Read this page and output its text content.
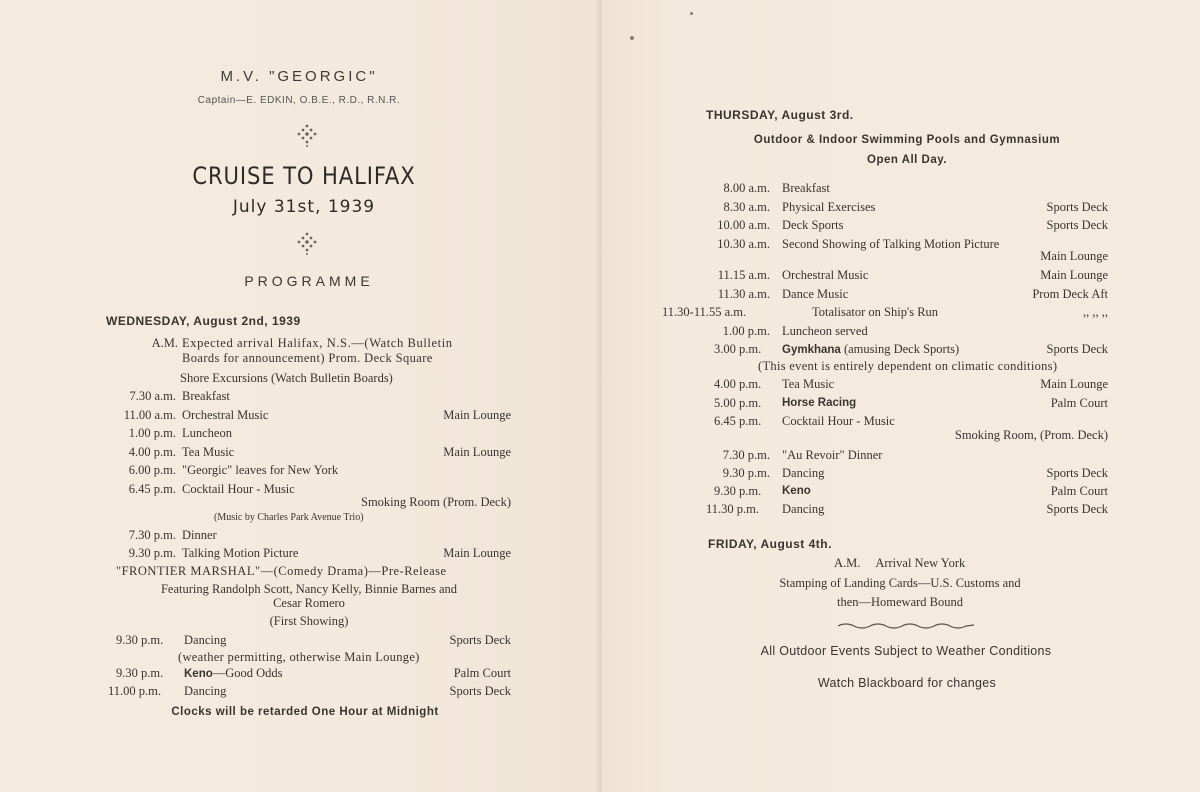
M.V. "GEORGIC"
Captain—E. EDKIN, O.B.E., R.D., R.N.R.
CRUISE TO HALIFAX
July 31st, 1939
PROGRAMME
WEDNESDAY, August 2nd, 1939
A.M. Expected arrival Halifax, N.S.—(Watch Bulletin
Boards for announcement) Prom. Deck Square
Shore Excursions (Watch Bulletin Boards)
7.30 a.m. Breakfast
11.00 a.m. Orchestral Music	Main Lounge
1.00 p.m. Luncheon
4.00 p.m. Tea Music	Main Lounge
6.00 p.m. "Georgic" leaves for New York
6.45 p.m. Cocktail Hour - Music
Smoking Room (Prom. Deck)
(Music by Charles Park Avenue Trio)
7.30 p.m. Dinner
9.30 p.m. Talking Motion Picture	Main Lounge
"FRONTIER MARSHAL"—(Comedy Drama)—Pre-Release
Featuring Randolph Scott, Nancy Kelly, Binnie Barnes and
Cesar Romero
(First Showing)
9.30 p.m.	Dancing	Sports Deck
(weather permitting, otherwise Main Lounge)
9.30 p.m. Keno—Good Odds	Palm Court
11.00 p.m. Dancing	Sports Deck
Clocks will be retarded One Hour at Midnight
THURSDAY, August 3rd.
Outdoor & Indoor Swimming Pools and Gymnasium
Open All Day.
8.00 a.m. Breakfast
8.30 a.m. Physical Exercises	Sports Deck
10.00 a.m. Deck Sports	Sports Deck
10.30 a.m. Second Showing of Talking Motion Picture
Main Lounge
11.15 a.m. Orchestral Music	Main Lounge
11.30 a.m. Dance Music	Prom Deck Aft
11.30-11.55 a.m.	Totalisator on Ship's Run	,, ,, ,,
1.00 p.m. Luncheon served
3.00 p.m. Gymkhana (amusing Deck Sports)	Sports Deck
(This event is entirely dependent on climatic conditions)
4.00 p.m. Tea Music	Main Lounge
5.00 p.m. Horse Racing	Palm Court
6.45 p.m. Cocktail Hour - Music
Smoking Room, (Prom. Deck)
7.30 p.m. "Au Revoir" Dinner
9.30 p.m. Dancing	Sports Deck
9.30 p.m. Keno	Palm Court
11.30 p.m. Dancing	Sports Deck
FRIDAY, August 4th.
A.M.     Arrival New York
Stamping of Landing Cards—U.S. Customs and
then—Homeward Bound
All Outdoor Events Subject to Weather Conditions
Watch Blackboard for changes
